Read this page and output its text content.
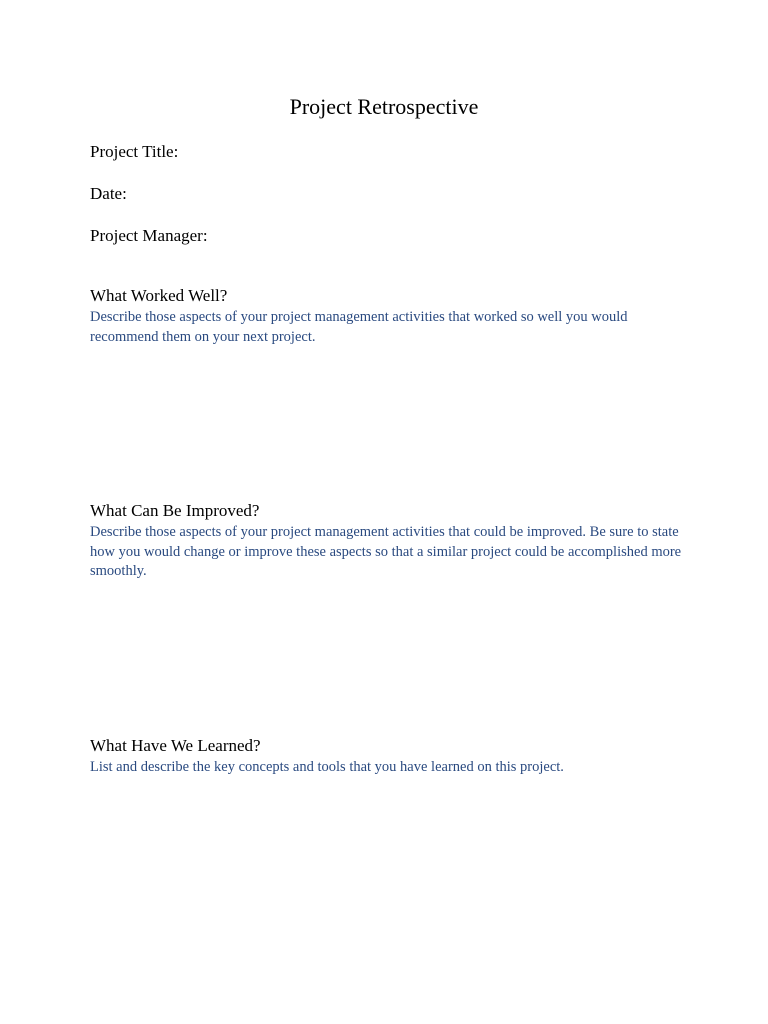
Project Retrospective

Project Title:

Date:

Project Manager:

What Worked Well?

Describe those aspects of your project management activities that worked so well you would recommend them on your next project.

What Can Be Improved?

Describe those aspects of your project management activities that could be improved. Be sure to state how you would change or improve these aspects so that a similar project could be accomplished more smoothly.

What Have We Learned?

List and describe the key concepts and tools that you have learned on this project.
